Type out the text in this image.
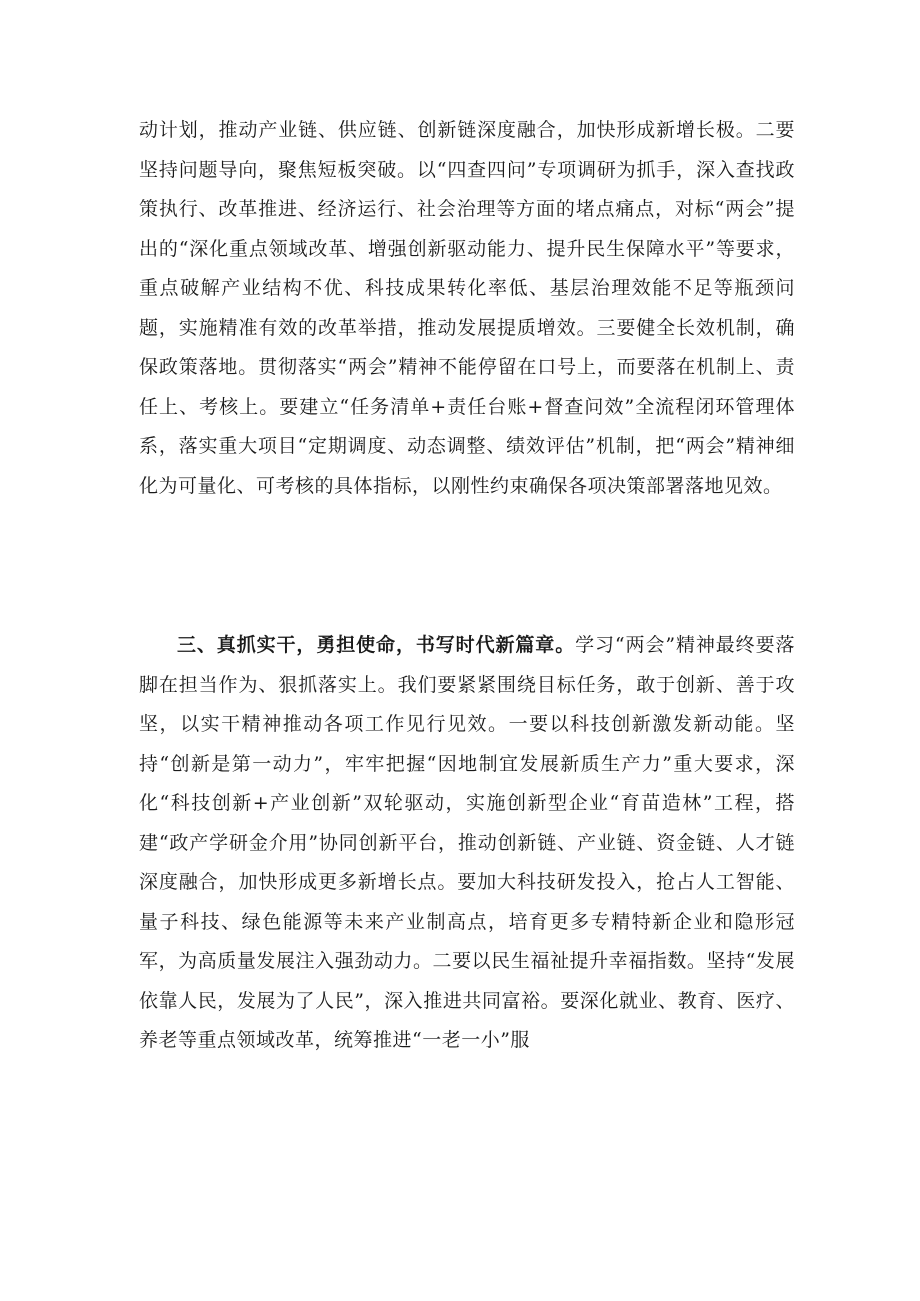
动计划，推动产业链、供应链、创新链深度融合，加快形成新增长极。二要坚持问题导向，聚焦短板突破。以“四查四问”专项调研为抓手，深入查找政策执行、改革推进、经济运行、社会治理等方面的堵点痛点，对标“两会”提出的“深化重点领域改革、增强创新驱动能力、提升民生保障水平”等要求，重点破解产业结构不优、科技成果转化率低、基层治理效能不足等瓶颈问题，实施精准有效的改革举措，推动发展提质增效。三要健全长效机制，确保政策落地。贯彻落实“两会”精神不能停留在口号上，而要落在机制上、责任上、考核上。要建立“任务清单+责任台账+督查问效”全流程闭环管理体系，落实重大项目“定期调度、动态调整、绩效评估”机制，把“两会”精神细化为可量化、可考核的具体指标，以刚性约束确保各项决策部署落地见效。

三、真抓实干，勇担使命，书写时代新篇章。学习“两会”精神最终要落脚在担当作为、狠抓落实上。我们要紧紧围绕目标任务，敢于创新、善于攻坚，以实干精神推动各项工作见行见效。一要以科技创新激发新动能。坚持“创新是第一动力”，牢牢把握“因地制宜发展新质生产力”重大要求，深化“科技创新+产业创新”双轮驱动，实施创新型企业“育苗造林”工程，搭建“政产学研金介用”协同创新平台，推动创新链、产业链、资金链、人才链深度融合，加快形成更多新增长点。要加大科技研发投入，抢占人工智能、量子科技、绿色能源等未来产业制高点，培育更多专精特新企业和隐形冠军，为高质量发展注入强劲动力。二要以民生福祉提升幸福指数。坚持“发展依靠人民，发展为了人民”，深入推进共同富裕。要深化就业、教育、医疗、养老等重点领域改革，统筹推进“一老一小”服
